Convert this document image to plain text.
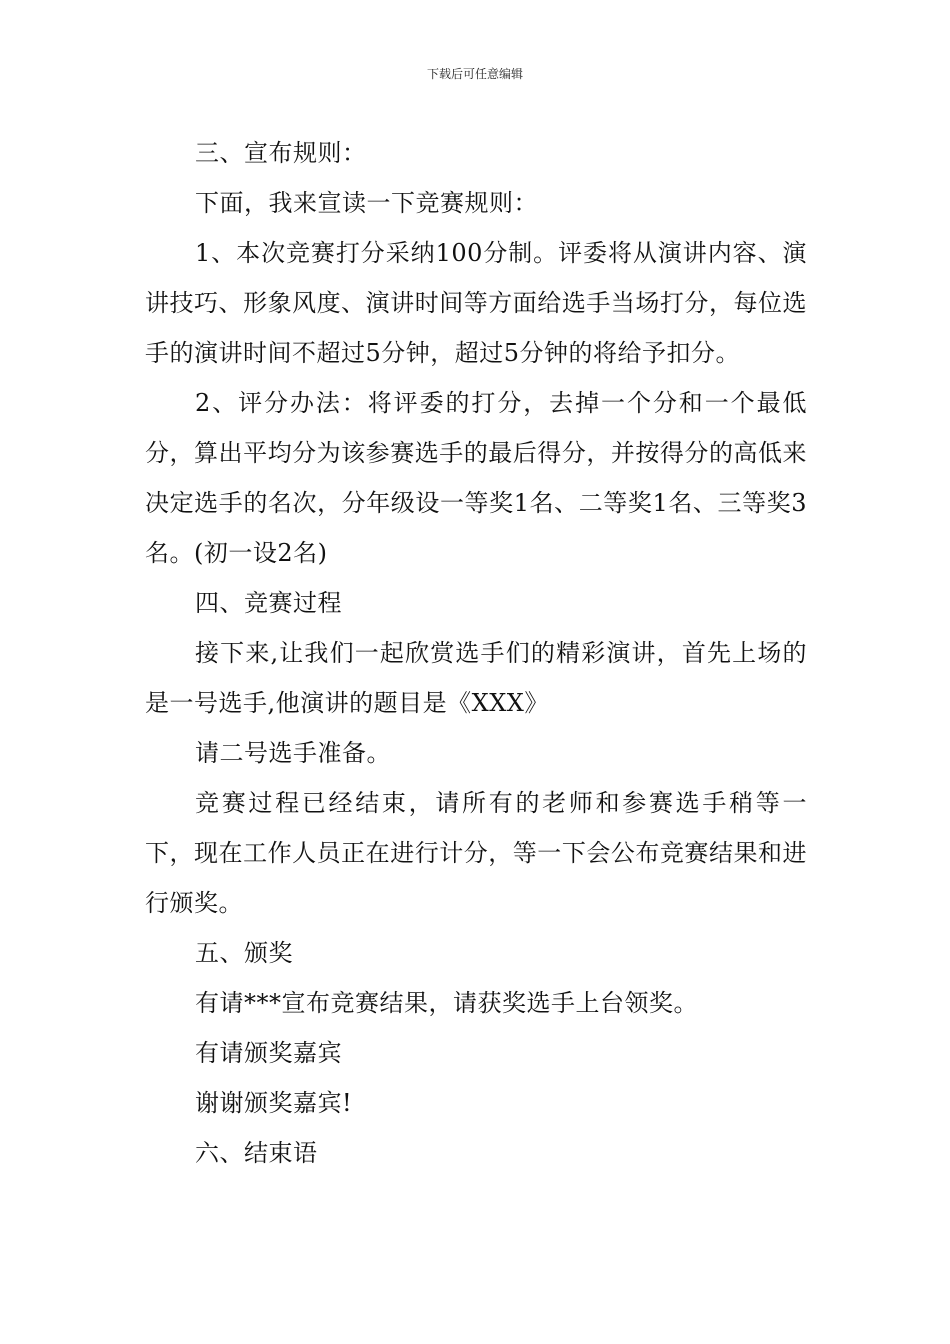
下载后可任意编辑

三、宣布规则：

下面，我来宣读一下竞赛规则：

1、本次竞赛打分采纳100分制。评委将从演讲内容、演讲技巧、形象风度、演讲时间等方面给选手当场打分，每位选手的演讲时间不超过5分钟，超过5分钟的将给予扣分。

2、评分办法：将评委的打分，去掉一个分和一个最低分，算出平均分为该参赛选手的最后得分，并按得分的高低来决定选手的名次，分年级设一等奖1名、二等奖1名、三等奖3名。(初一设2名)

四、竞赛过程

接下来,让我们一起欣赏选手们的精彩演讲，首先上场的是一号选手,他演讲的题目是《XXX》

请二号选手准备。

竞赛过程已经结束，请所有的老师和参赛选手稍等一下，现在工作人员正在进行计分，等一下会公布竞赛结果和进行颁奖。

五、颁奖

有请***宣布竞赛结果，请获奖选手上台领奖。

有请颁奖嘉宾

谢谢颁奖嘉宾!

六、结束语
